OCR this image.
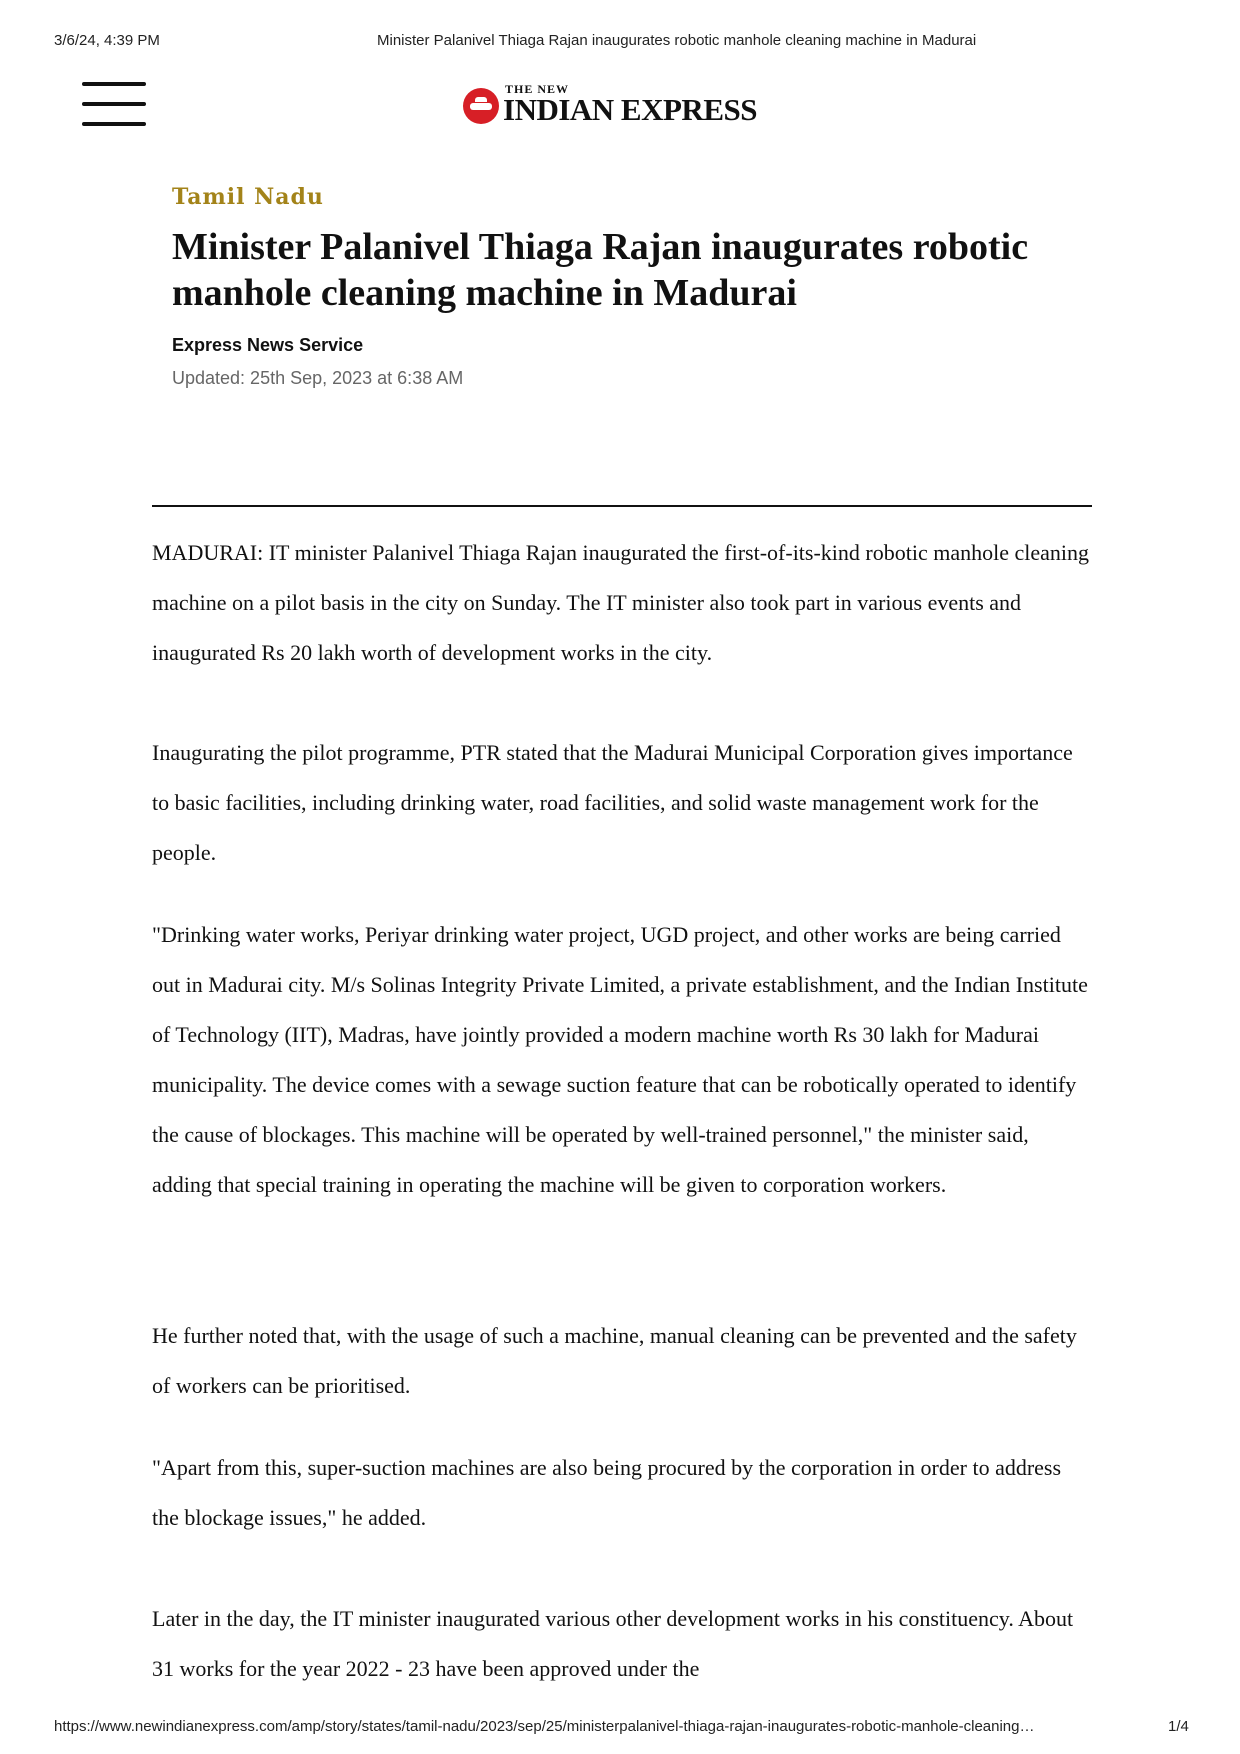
3/6/24, 4:39 PM	Minister Palanivel Thiaga Rajan inaugurates robotic manhole cleaning machine in Madurai
THE NEW
INDIAN EXPRESS
Tamil Nadu
Minister Palanivel Thiaga Rajan inaugurates robotic manhole cleaning machine in Madurai
Express News Service
Updated: 25th Sep, 2023 at 6:38 AM

MADURAI: IT minister Palanivel Thiaga Rajan inaugurated the first-of-its-kind robotic manhole cleaning machine on a pilot basis in the city on Sunday. The IT minister also took part in various events and inaugurated Rs 20 lakh worth of development works in the city.

Inaugurating the pilot programme, PTR stated that the Madurai Municipal Corporation gives importance to basic facilities, including drinking water, road facilities, and solid waste management work for the people.

"Drinking water works, Periyar drinking water project, UGD project, and other works are being carried out in Madurai city. M/s Solinas Integrity Private Limited, a private establishment, and the Indian Institute of Technology (IIT), Madras, have jointly provided a modern machine worth Rs 30 lakh for Madurai municipality. The device comes with a sewage suction feature that can be robotically operated to identify the cause of blockages. This machine will be operated by well-trained personnel," the minister said, adding that special training in operating the machine will be given to corporation workers.

He further noted that, with the usage of such a machine, manual cleaning can be prevented and the safety of workers can be prioritised.

"Apart from this, super-suction machines are also being procured by the corporation in order to address the blockage issues," he added.

Later in the day, the IT minister inaugurated various other development works in his constituency. About 31 works for the year 2022 - 23 have been approved under the

https://www.newindianexpress.com/amp/story/states/tamil-nadu/2023/sep/25/ministerpalanivel-thiaga-rajan-inaugurates-robotic-manhole-cleaning…	1/4
